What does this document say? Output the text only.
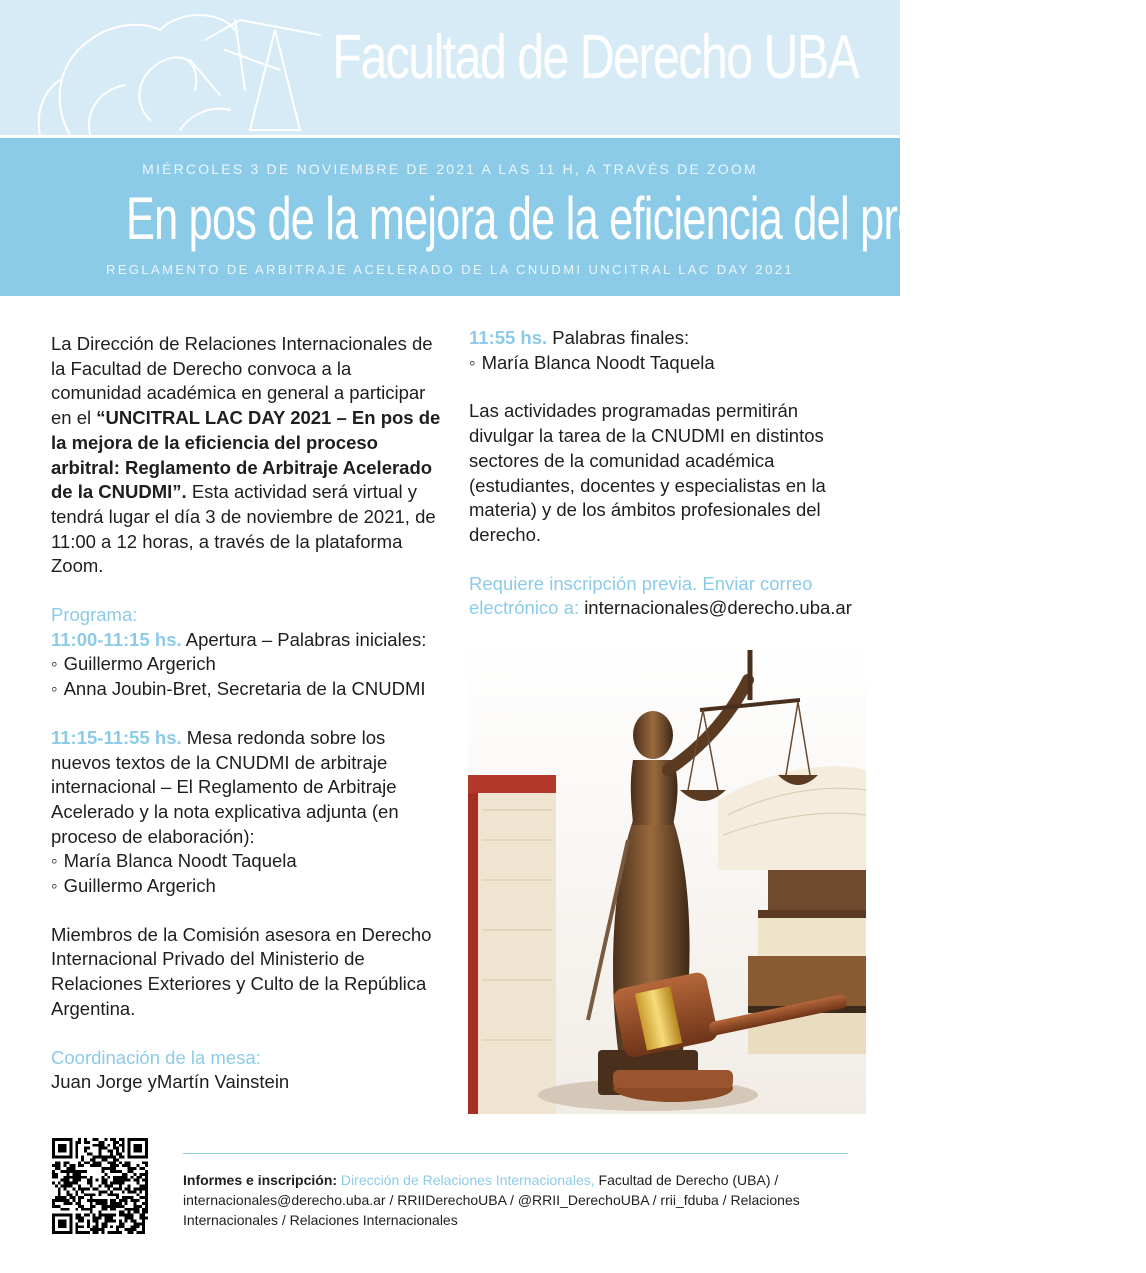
Facultad de Derecho UBA
MIÉRCOLES 3 DE NOVIEMBRE DE 2021 A LAS 11 H, A TRAVÉS DE ZOOM
En pos de la mejora de la eficiencia del proceso arbitral
REGLAMENTO DE ARBITRAJE ACELERADO DE LA CNUDMI UNCITRAL LAC DAY 2021

La Dirección de Relaciones Internacionales de la Facultad de Derecho convoca a la comunidad académica en general a participar en el “UNCITRAL LAC DAY 2021 – En pos de la mejora de la eficiencia del proceso arbitral: Reglamento de Arbitraje Acelerado de la CNUDMI”. Esta actividad será virtual y tendrá lugar el día 3 de noviembre de 2021, de 11:00 a 12 horas, a través de la plataforma Zoom.

Programa:

11:00-11:15 hs. Apertura – Palabras iniciales:

◦ Guillermo Argerich

◦ Anna Joubin-Bret, Secretaria de la CNUDMI

11:15-11:55 hs. Mesa redonda sobre los nuevos textos de la CNUDMI de arbitraje internacional – El Reglamento de Arbitraje Acelerado y la nota explicativa adjunta (en proceso de elaboración):

◦ María Blanca Noodt Taquela

◦ Guillermo Argerich

Miembros de la Comisión asesora en Derecho Internacional Privado del Ministerio de Relaciones Exteriores y Culto de la República Argentina.

Coordinación de la mesa:

Juan Jorge yMartín Vainstein

11:55 hs. Palabras finales:

◦ María Blanca Noodt Taquela

Las actividades programadas permitirán divulgar la tarea de la CNUDMI en distintos sectores de la comunidad académica (estudiantes, docentes y especialistas en la materia) y de los ámbitos profesionales del derecho.

Requiere inscripción previa. Enviar correo electrónico a: internacionales@derecho.uba.ar

Informes e inscripción: Dirección de Relaciones Internacionales, Facultad de Derecho (UBA) / internacionales@derecho.uba.ar / RRIIDerechoUBA / @RRII_DerechoUBA / rrii_fduba / Relaciones Internacionales / Relaciones Internacionales
